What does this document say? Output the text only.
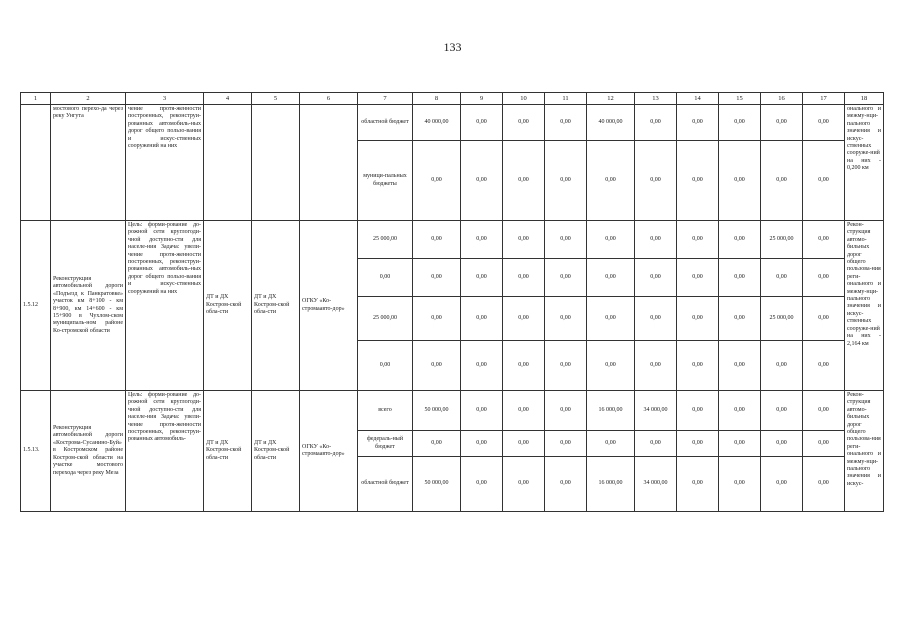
133
1	2	3	4	5	6	7	8	9	10	11	12	13	14	15	16	17	18
	мостового перехо-да через реку Унгута	чение протя-женности построенных, реконструи-рованных автомобиль-ных дорог общего пользо-вания и искус-ственных сооружений на них				областной бюджет	40 000,00	0,00	0,00	0,00	40 000,00	0,00	0,00	0,00	0,00	0,00	онального и межму-нци-пального значения и искус-ственных сооруже-ний на них - 0,200 км
						муници-пальных бюджеты	0,00	0,00	0,00	0,00	0,00	0,00	0,00	0,00	0,00	0,00	
1.5.12	Реконструкция автомобильной дороги «Подъезд к Панкратовке» участок км 8+100 - км 8+900, км 14+600 - км 15+900 в Чухлом-ском муниципаль-ном районе Ко-стромской области	Цель: форми-рование до-рожной сети круглогоди-чной доступно-сти для населе-ния Задача: увели-чение протя-женности построенных, реконструи-рованных автомобиль-ных дорог общего пользо-вания и искус-ственных сооружений на них	ДТ и ДХ Костром-ской обла-сти	ДТ и ДХ Костром-ской обла-сти	ОГКУ «Ко-стромаавто-дор»	25 000,00	0,00	0,00	0,00	0,00	0,00	0,00	0,00	0,00	25 000,00	0,00	Рекон-струкция автомо-бильных дорог общего пользова-ния реги-онального и межму-нци-пального значения и искус-ственных сооруже-ний на них - 2,164 км
						0,00	0,00	0,00	0,00	0,00	0,00	0,00	0,00	0,00	0,00	0,00	
						25 000,00	0,00	0,00	0,00	0,00	0,00	0,00	0,00	0,00	25 000,00	0,00	
						0,00	0,00	0,00	0,00	0,00	0,00	0,00	0,00	0,00	0,00	0,00	
1.5.13.	Реконструкция автомобильной дороги «Кострома-Сусанино-Буй» в Костромском районе Костром-ской области на участке мостового перехода через реку Меза	Цель: форми-рование до-рожной сети круглогоди-чной доступно-сти для населе-ния Задача: увели-чение протя-женности построенных, реконструи-рованных автомобиль-	ДТ и ДХ Костром-ской обла-сти	ДТ и ДХ Костром-ской обла-сти	ОГКУ «Ко-стромаавто-дор»	всего	50 000,00	0,00	0,00	0,00	16 000,00	34 000,00	0,00	0,00	0,00	0,00	Рекон-струкция автомо-бильных дорог общего пользова-ния реги-онального и межму-нци-пального значения и искус-
						федераль-ный бюджет	0,00	0,00	0,00	0,00	0,00	0,00	0,00	0,00	0,00	0,00	
						областной бюджет	50 000,00	0,00	0,00	0,00	16 000,00	34 000,00	0,00	0,00	0,00	0,00	
